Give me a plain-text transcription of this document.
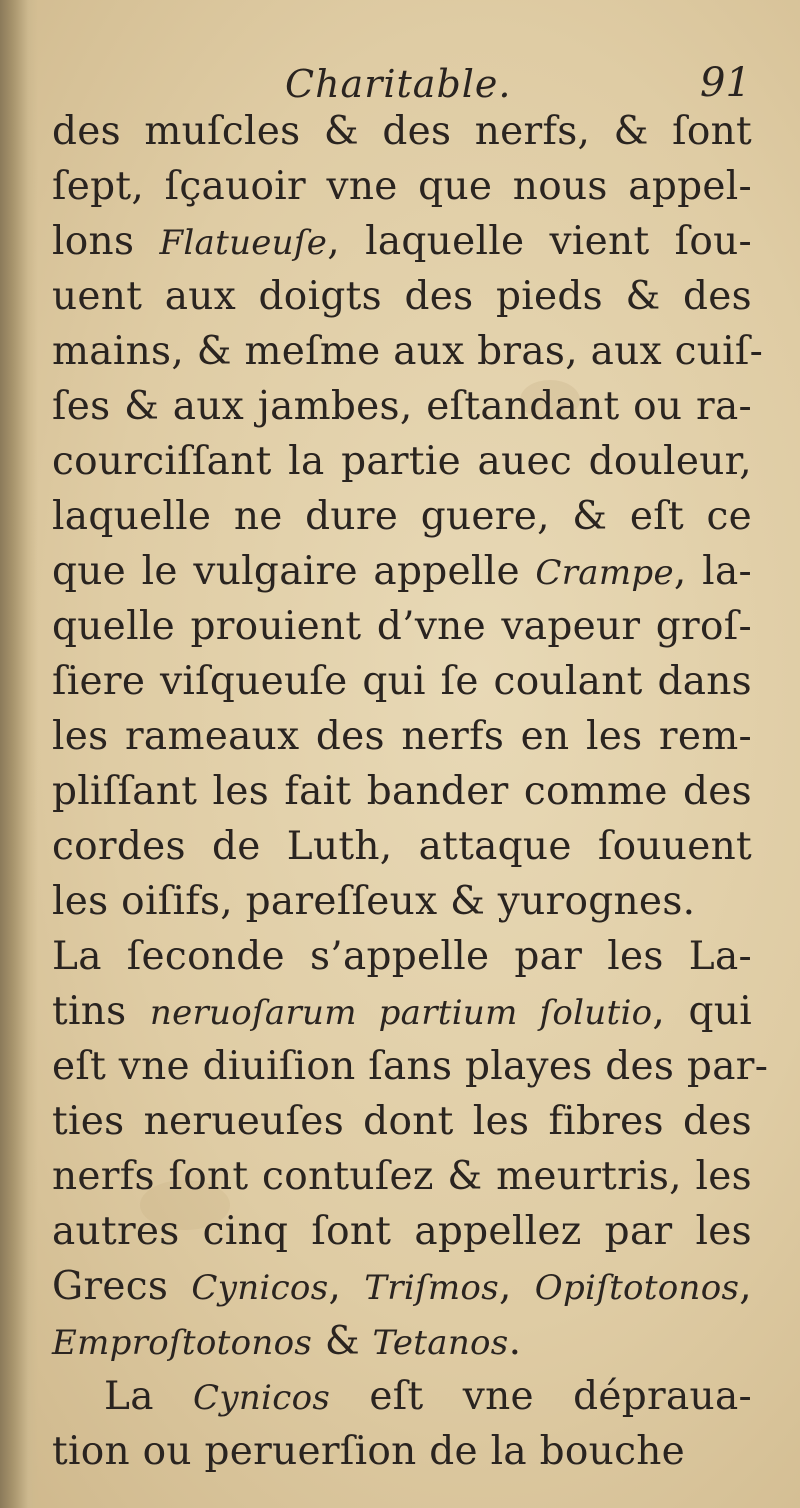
Charitable.	91
des muſcles & des nerfs, & ſont
ſept, ſçauoir vne que nous appel-
lons Flatueuſe, laquelle vient ſou-
uent aux doigts des pieds & des
mains, & meſme aux bras, aux cuiſ-
ſes & aux jambes, eſtandant ou ra-
courciſſant la partie auec douleur,
laquelle ne dure guere, & eſt ce
que le vulgaire appelle Crampe, la-
quelle prouient d’vne vapeur groſ-
ſiere viſqueuſe qui ſe coulant dans
les rameaux des nerfs en les rem-
pliſſant les fait bander comme des
cordes de Luth, attaque ſouuent
les oiſifs, pareſſeux & yurognes.
La ſeconde s’appelle par les La-
tins neruoſarum partium ſolutio, qui
eſt vne diuiſion ſans playes des par-
ties nerueuſes dont les fibres des
nerfs ſont contuſez & meurtris, les
autres cinq ſont appellez par les
Grecs Cynicos, Triſmos, Opiſtotonos,
Emproſtotonos & Tetanos.
La Cynicos eſt vne dépraua-
tion ou peruerſion de la bouche
